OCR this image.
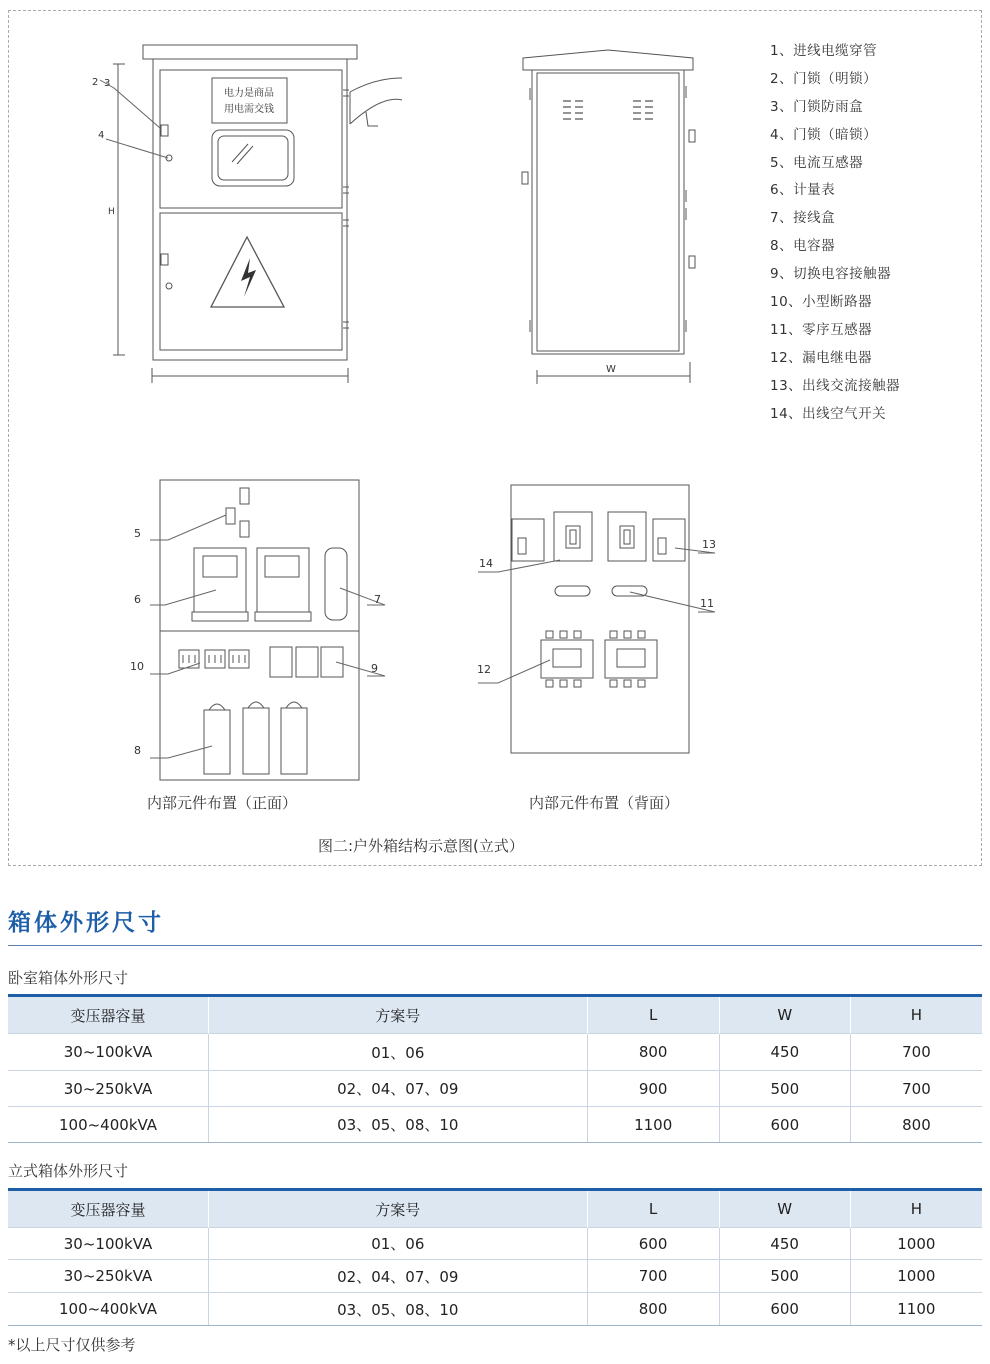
电力是商品
用电需交钱
H
2 3
4
W
5
6	7
8
9
10
14
13
11
12
1、进线电缆穿管
2、门锁（明锁）
3、门锁防雨盒
4、门锁（暗锁）
5、电流互感器
6、计量表
7、接线盒
8、电容器
9、切换电容接触器
10、小型断路器
11、零序互感器
12、漏电继电器
13、出线交流接触器
14、出线空气开关
内部元件布置（正面）	内部元件布置（背面）
图二:户外箱结构示意图(立式）
箱体外形尺寸
卧室箱体外形尺寸
变压器容量	方案号	L	W	H
30~100kVA	01、06	800	450	700
30~250kVA	02、04、07、09	900	500	700
100~400kVA	03、05、08、10	1100	600	800
立式箱体外形尺寸
变压器容量	方案号	L	W	H
30~100kVA	01、06	600	450	1000
30~250kVA	02、04、07、09	700	500	1000
100~400kVA	03、05、08、10	800	600	1100
*以上尺寸仅供参考
